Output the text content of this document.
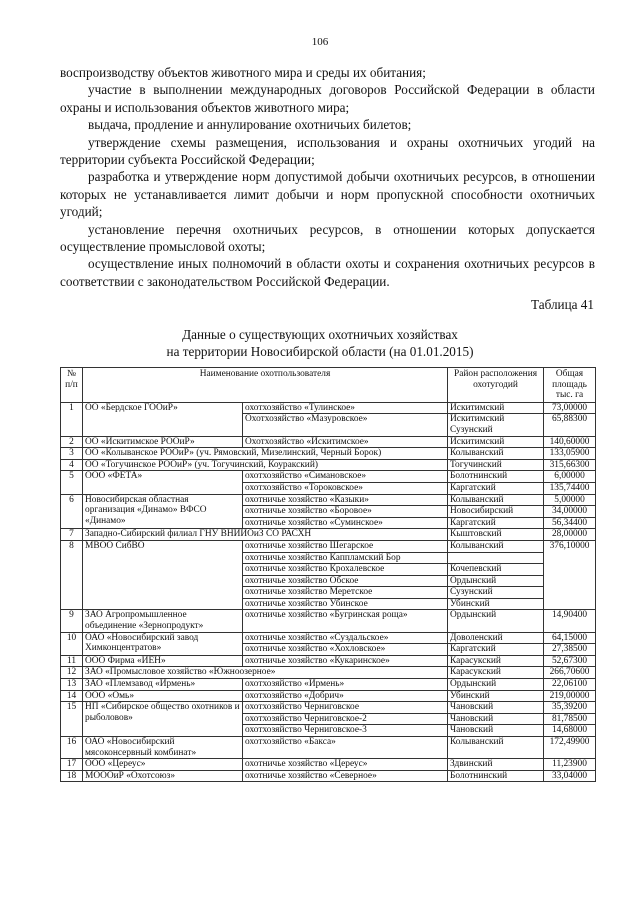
106

воспроизводству объектов животного мира и среды их обитания;

участие в выполнении международных договоров Российской Федерации в области охраны и использования объектов животного мира;

выдача, продление и аннулирование охотничьих билетов;

утверждение схемы размещения, использования и охраны охотничьих угодий на территории субъекта Российской Федерации;

разработка и утверждение норм допустимой добычи охотничьих ресурсов, в отношении которых не устанавливается лимит добычи и норм пропускной способности охотничьих угодий;

установление перечня охотничьих ресурсов, в отношении которых допускается осуществление промысловой охоты;

осуществление иных полномочий в области охоты и сохранения охотничьих ресурсов в соответствии с законодательством Российской Федерации.

Таблица 41
Данные о существующих охотничьих хозяйствах
на территории Новосибирской области (на 01.01.2015)
№ п/п	Наименование охотпользователя		Район расположения охотугодий	Общая площадь тыс. га
1	ОО «Бердское ГООиР»	охотхозяйство «Тулинское»	Искитимский	73,00000
		Охотхозяйство «Мазуровское»	Искитимский Сузунский	65,88300
2	ОО «Искитимское РООиР»	Охотхозяйство «Искитимское»	Искитимский	140,60000
3	ОО «Колыванское РООиР» (уч. Рямовский, Мизелинский, Черный Борок)		Колыванский	133,05900
4	ОО «Тогучинское РООиР» (уч. Тогучинский, Коуракский)		Тогучинский	315,66300
5	ООО «ФЕТА»	охотхозяйство «Симановское»	Болотнинский	6,00000
		охотхозяйство «Тороковское»	Каргатский	135,74400
6	Новосибирская областная организация «Динамо» ВФСО «Динамо»	охотничье хозяйство «Казыки»	Колыванский	5,00000
		охотничье хозяйство «Боровое»	Новосибирский	34,00000
		охотничье хозяйство «Суминское»	Каргатский	56,34400
7	Западно-Сибирский филиал ГНУ ВНИИОиЗ СО РАСХН		Кыштовский	28,00000
8	МВОО СибВО	охотничье хозяйство Шегарское	Колыванский	376,10000
		охотничье хозяйство Каппламский Бор		
		охотничье хозяйство Крохалевское	Кочепевский	
		охотничье хозяйство Обское	Ордынский	
		охотничье хозяйство Меретское	Сузунский	
		охотничье хозяйство Убинское	Убинский	
9	ЗАО Агропромышленное объединение «Зернопродукт»	охотничье хозяйство «Бугринская роща»	Ордынский	14,90400
10	ОАО «Новосибирский завод Химконцентратов»	охотничье хозяйство «Суздальское»	Доволенский	64,15000
		охотничье хозяйство «Хохловское»	Каргатский	27,38500
11	ООО Фирма «ИЕН»	охотничье хозяйство «Кукаринское»	Карасукский	52,67300
12	ЗАО «Промысловое хозяйство «Южноозерное»		Карасукский	266,70600
13	ЗАО «Племзавод «Ирмень»	охотхозяйство «Ирмень»	Ордынский	22,06100
14	ООО «Омь»	охотхозяйство «Добрич»	Убинский	219,00000
15	НП «Сибирское общество охотников и рыболовов»	охотхозяйство Черниговское	Чановский	35,39200
		охотхозяйство Черниговское-2	Чановский	81,78500
		охотхозяйство Черниговское-3	Чановский	14,68000
16	ОАО «Новосибирский мясоконсервный комбинат»	охотхозяйство «Бакса»	Колыванский	172,49900
17	ООО «Цереус»	охотничье хозяйство «Цереус»	Здвинский	11,23900
18	МОООиР «Охотсоюз»	охотничье хозяйство «Северное»	Болотнинский	33,04000
